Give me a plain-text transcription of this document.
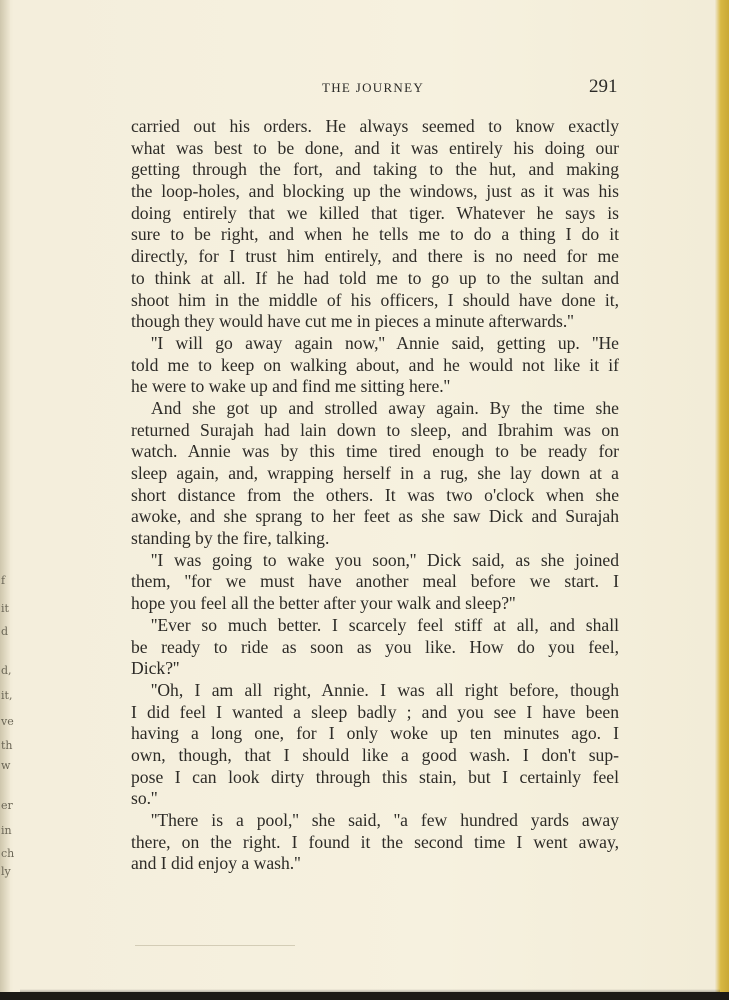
f
it
d
d,
it,
ve
th
w
er
in
ch
ly
THE JOURNEY	291
carried out his orders. He always seemed to know exactly
what was best to be done, and it was entirely his doing our
getting through the fort, and taking to the hut, and making
the loop-holes, and blocking up the windows, just as it was his
doing entirely that we killed that tiger. Whatever he says is
sure to be right, and when he tells me to do a thing I do it
directly, for I trust him entirely, and there is no need for me
to think at all. If he had told me to go up to the sultan and
shoot him in the middle of his officers, I should have done it,
though they would have cut me in pieces a minute afterwards.''
''I will go away again now,'' Annie said, getting up. ''He
told me to keep on walking about, and he would not like it if
he were to wake up and find me sitting here.''
And she got up and strolled away again. By the time she
returned Surajah had lain down to sleep, and Ibrahim was on
watch. Annie was by this time tired enough to be ready for
sleep again, and, wrapping herself in a rug, she lay down at a
short distance from the others. It was two o'clock when she
awoke, and she sprang to her feet as she saw Dick and Surajah
standing by the fire, talking.
''I was going to wake you soon,'' Dick said, as she joined
them, ''for we must have another meal before we start. I
hope you feel all the better after your walk and sleep?''
''Ever so much better. I scarcely feel stiff at all, and shall
be ready to ride as soon as you like. How do you feel,
Dick?''
''Oh, I am all right, Annie. I was all right before, though
I did feel I wanted a sleep badly ; and you see I have been
having a long one, for I only woke up ten minutes ago. I
own, though, that I should like a good wash. I don't sup-
pose I can look dirty through this stain, but I certainly feel
so.''
''There is a pool,'' she said, ''a few hundred yards away
there, on the right. I found it the second time I went away,
and I did enjoy a wash.''
